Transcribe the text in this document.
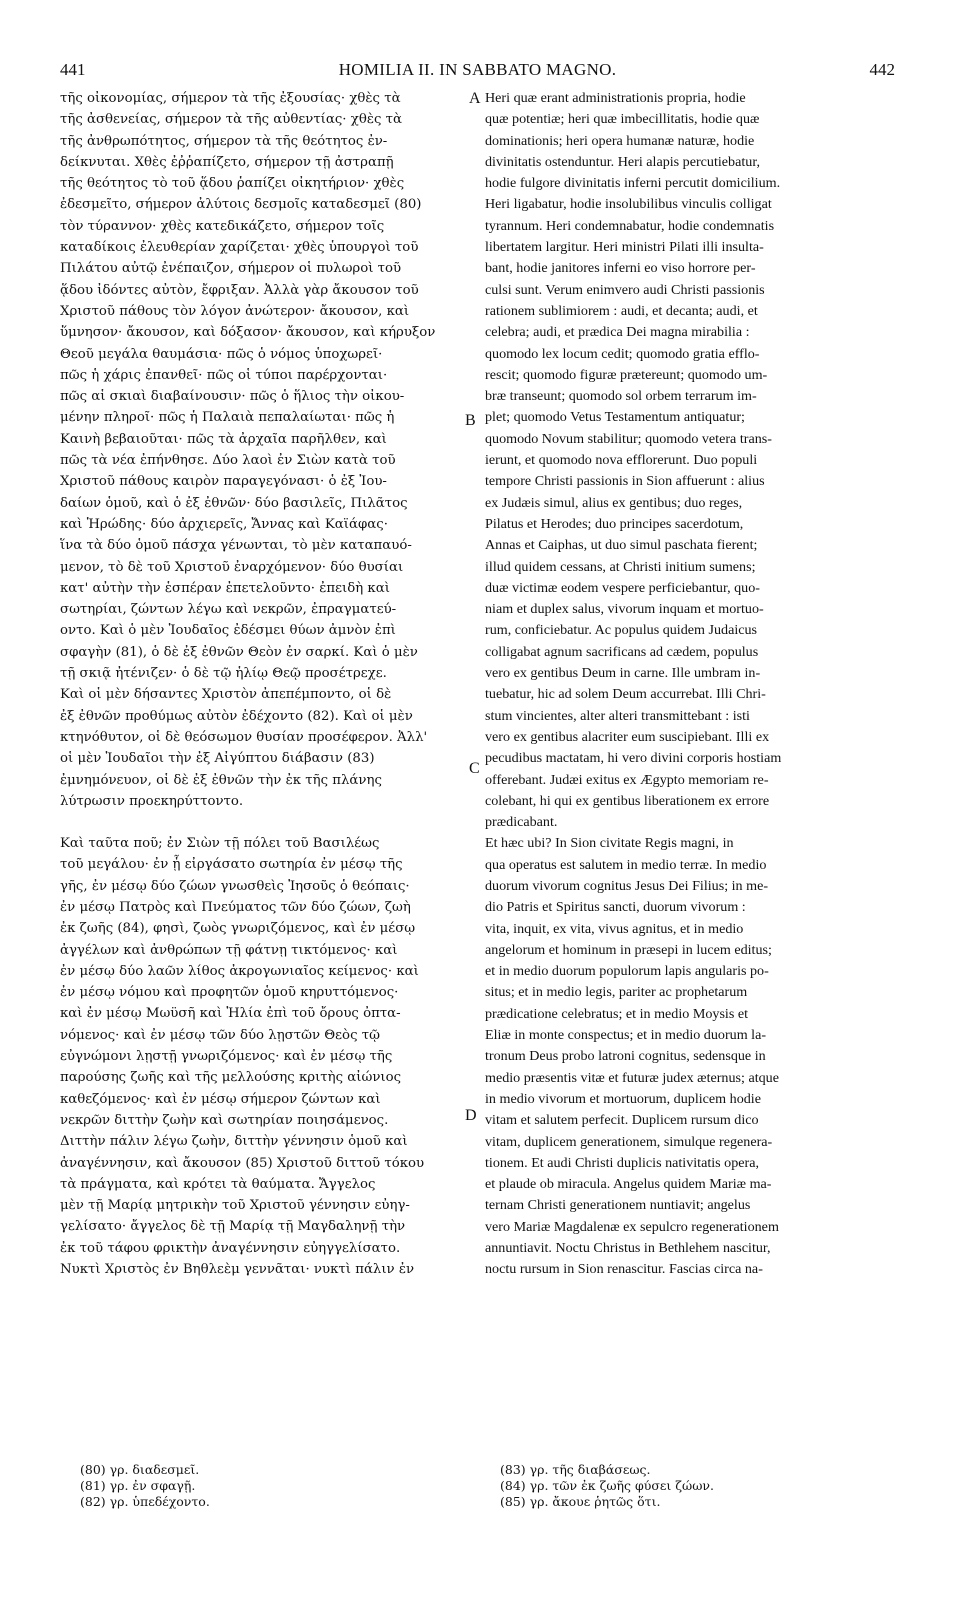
441	HOMILIA II. IN SABBATO MAGNO.	442

τῆς οἰκονομίας, σήμερον τὰ τῆς ἐξουσίας· χθὲς τὰ
τῆς ἀσθενείας, σήμερον τὰ τῆς αὐθεντίας· χθὲς τὰ
τῆς ἀνθρωπότητος, σήμερον τὰ τῆς θεότητος ἐν-
δείκνυται. Χθὲς ἐῤῥαπίζετο, σήμερον τῇ ἀστραπῇ
τῆς θεότητος τὸ τοῦ ᾅδου ῥαπίζει οἰκητήριον· χθὲς
ἐδεσμεῖτο, σήμερον ἀλύτοις δεσμοῖς καταδεσμεῖ (80)
τὸν τύραννον· χθὲς κατεδικάζετο, σήμερον τοῖς
καταδίκοις ἐλευθερίαν χαρίζεται· χθὲς ὑπουργοὶ τοῦ
Πιλάτου αὐτῷ ἐνέπαιζον, σήμερον οἱ πυλωροὶ τοῦ
ᾅδου ἰδόντες αὐτὸν, ἔφριξαν. Ἀλλὰ γὰρ ἄκουσον τοῦ
Χριστοῦ πάθους τὸν λόγον ἀνώτερον· ἄκουσον, καὶ
ὕμνησον· ἄκουσον, καὶ δόξασον· ἄκουσον, καὶ κήρυξον
Θεοῦ μεγάλα θαυμάσια· πῶς ὁ νόμος ὑποχωρεῖ·
πῶς ἡ χάρις ἐπανθεῖ· πῶς οἱ τύποι παρέρχονται·
πῶς αἱ σκιαὶ διαβαίνουσιν· πῶς ὁ ἥλιος τὴν οἰκου-
μένην πληροῖ· πῶς ἡ Παλαιὰ πεπαλαίωται· πῶς ἡ
Καινὴ βεβαιοῦται· πῶς τὰ ἀρχαῖα παρῆλθεν, καὶ
πῶς τὰ νέα ἐπήνθησε. Δύο λαοὶ ἐν Σιὼν κατὰ τοῦ
Χριστοῦ πάθους καιρὸν παραγεγόνασι· ὁ ἐξ Ἰου-
δαίων ὁμοῦ, καὶ ὁ ἐξ ἐθνῶν· δύο βασιλεῖς, Πιλᾶτος
καὶ Ἡρώδης· δύο ἀρχιερεῖς, Ἄννας καὶ Καϊάφας·
ἵνα τὰ δύο ὁμοῦ πάσχα γένωνται, τὸ μὲν καταπαυό-
μενον, τὸ δὲ τοῦ Χριστοῦ ἐναρχόμενον· δύο θυσίαι
κατ' αὐτὴν τὴν ἑσπέραν ἐπετελοῦντο· ἐπειδὴ καὶ
σωτηρίαι, ζώντων λέγω καὶ νεκρῶν, ἐπραγματεύ-
οντο. Καὶ ὁ μὲν Ἰουδαῖος ἐδέσμει θύων ἀμνὸν ἐπὶ
σφαγὴν (81), ὁ δὲ ἐξ ἐθνῶν Θεὸν ἐν σαρκί. Καὶ ὁ μὲν
τῇ σκιᾷ ἠτένιζεν· ὁ δὲ τῷ ἡλίῳ Θεῷ προσέτρεχε.
Καὶ οἱ μὲν δήσαντες Χριστὸν ἀπεπέμποντο, οἱ δὲ
ἐξ ἐθνῶν προθύμως αὐτὸν ἐδέχοντο (82). Καὶ οἱ μὲν
κτηνόθυτον, οἱ δὲ θεόσωμον θυσίαν προσέφερον. Ἀλλ'
οἱ μὲν Ἰουδαῖοι τὴν ἐξ Αἰγύπτου διάβασιν (83)
ἐμνημόνευον, οἱ δὲ ἐξ ἐθνῶν τὴν ἐκ τῆς πλάνης
λύτρωσιν προεκηρύττοντο.

Καὶ ταῦτα ποῦ; ἐν Σιὼν τῇ πόλει τοῦ Βασιλέως
τοῦ μεγάλου· ἐν ᾗ εἰργάσατο σωτηρία ἐν μέσῳ τῆς
γῆς, ἐν μέσῳ δύο ζώων γνωσθεὶς Ἰησοῦς ὁ θεόπαις·
ἐν μέσῳ Πατρὸς καὶ Πνεύματος τῶν δύο ζώων, ζωὴ
ἐκ ζωῆς (84), φησὶ, ζωὸς γνωριζόμενος, καὶ ἐν μέσῳ
ἀγγέλων καὶ ἀνθρώπων τῇ φάτνῃ τικτόμενος· καὶ
ἐν μέσῳ δύο λαῶν λίθος ἀκρογωνιαῖος κείμενος· καὶ
ἐν μέσῳ νόμου καὶ προφητῶν ὁμοῦ κηρυττόμενος·
καὶ ἐν μέσῳ Μωϋσῆ καὶ Ἠλία ἐπὶ τοῦ ὄρους ὀπτα-
νόμενος· καὶ ἐν μέσῳ τῶν δύο λῃστῶν Θεὸς τῷ
εὐγνώμονι λῃστῇ γνωριζόμενος· καὶ ἐν μέσῳ τῆς
παρούσης ζωῆς καὶ τῆς μελλούσης κριτὴς αἰώνιος
καθεζόμενος· καὶ ἐν μέσῳ σήμερον ζώντων καὶ
νεκρῶν διττὴν ζωὴν καὶ σωτηρίαν ποιησάμενος.
Διττὴν πάλιν λέγω ζωὴν, διττὴν γέννησιν ὁμοῦ καὶ
ἀναγέννησιν, καὶ ἄκουσον (85) Χριστοῦ διττοῦ τόκου
τὰ πράγματα, καὶ κρότει τὰ θαύματα. Ἄγγελος
μὲν τῇ Μαρίᾳ μητρικὴν τοῦ Χριστοῦ γέννησιν εὐηγ-
γελίσατο· ἄγγελος δὲ τῇ Μαρίᾳ τῇ Μαγδαληνῇ τὴν
ἐκ τοῦ τάφου φρικτὴν ἀναγέννησιν εὐηγγελίσατο.
Νυκτὶ Χριστὸς ἐν Βηθλεὲμ γεννᾶται· νυκτὶ πάλιν ἐν

Heri quæ erant administrationis propria, hodie
quæ potentiæ; heri quæ imbecillitatis, hodie quæ
dominationis; heri opera humanæ naturæ, hodie
divinitatis ostenduntur. Heri alapis percutiebatur,
hodie fulgore divinitatis inferni percutit domicilium.
Heri ligabatur, hodie insolubilibus vinculis colligat
tyrannum. Heri condemnabatur, hodie condemnatis
libertatem largitur. Heri ministri Pilati illi insulta-
bant, hodie janitores inferni eo viso horrore per-
culsi sunt. Verum enimvero audi Christi passionis
rationem sublimiorem : audi, et decanta; audi, et
celebra; audi, et prædica Dei magna mirabilia :
quomodo lex locum cedit; quomodo gratia efflo-
rescit; quomodo figuræ prætereunt; quomodo um-
bræ transeunt; quomodo sol orbem terrarum im-
plet; quomodo Vetus Testamentum antiquatur;
quomodo Novum stabilitur; quomodo vetera trans-
ierunt, et quomodo nova efflorerunt. Duo populi
tempore Christi passionis in Sion affuerunt : alius
ex Judæis simul, alius ex gentibus; duo reges,
Pilatus et Herodes; duo principes sacerdotum,
Annas et Caiphas, ut duo simul paschata fierent;
illud quidem cessans, at Christi initium sumens;
duæ victimæ eodem vespere perficiebantur, quo-
niam et duplex salus, vivorum inquam et mortuo-
rum, conficiebatur. Ac populus quidem Judaicus
colligabat agnum sacrificans ad cædem, populus
vero ex gentibus Deum in carne. Ille umbram in-
tuebatur, hic ad solem Deum accurrebat. Illi Chri-
stum vincientes, alter alteri transmittebant : isti
vero ex gentibus alacriter eum suscipiebant. Illi ex
pecudibus mactatam, hi vero divini corporis hostiam
offerebant. Judæi exitus ex Ægypto memoriam re-
colebant, hi qui ex gentibus liberationem ex errore
prædicabant.

Et hæc ubi? In Sion civitate Regis magni, in
qua operatus est salutem in medio terræ. In medio
duorum vivorum cognitus Jesus Dei Filius; in me-
dio Patris et Spiritus sancti, duorum vivorum :
vita, inquit, ex vita, vivus agnitus, et in medio
angelorum et hominum in præsepi in lucem editus;
et in medio duorum populorum lapis angularis po-
situs; et in medio legis, pariter ac prophetarum
prædicatione celebratus; et in medio Moysis et
Eliæ in monte conspectus; et in medio duorum la-
tronum Deus probo latroni cognitus, sedensque in
medio præsentis vitæ et futuræ judex æternus; atque
in medio vivorum et mortuorum, duplicem hodie
vitam et salutem perfecit. Duplicem rursum dico
vitam, duplicem generationem, simulque regenera-
tionem. Et audi Christi duplicis nativitatis opera,
et plaude ob miracula. Angelus quidem Mariæ ma-
ternam Christi generationem nuntiavit; angelus
vero Mariæ Magdalenæ ex sepulcro regenerationem
annuntiavit. Noctu Christus in Bethlehem nascitur,
noctu rursum in Sion renascitur. Fascias circa na-

A
B
C
D
(80) γρ. διαδεσμεῖ.
(81) γρ. ἐν σφαγῇ.
(82) γρ. ὑπεδέχοντο.
(83) γρ. τῆς διαβάσεως.
(84) γρ. τῶν ἐκ ζωῆς φύσει ζώων.
(85) γρ. ἄκουε ῥητῶς ὅτι.
